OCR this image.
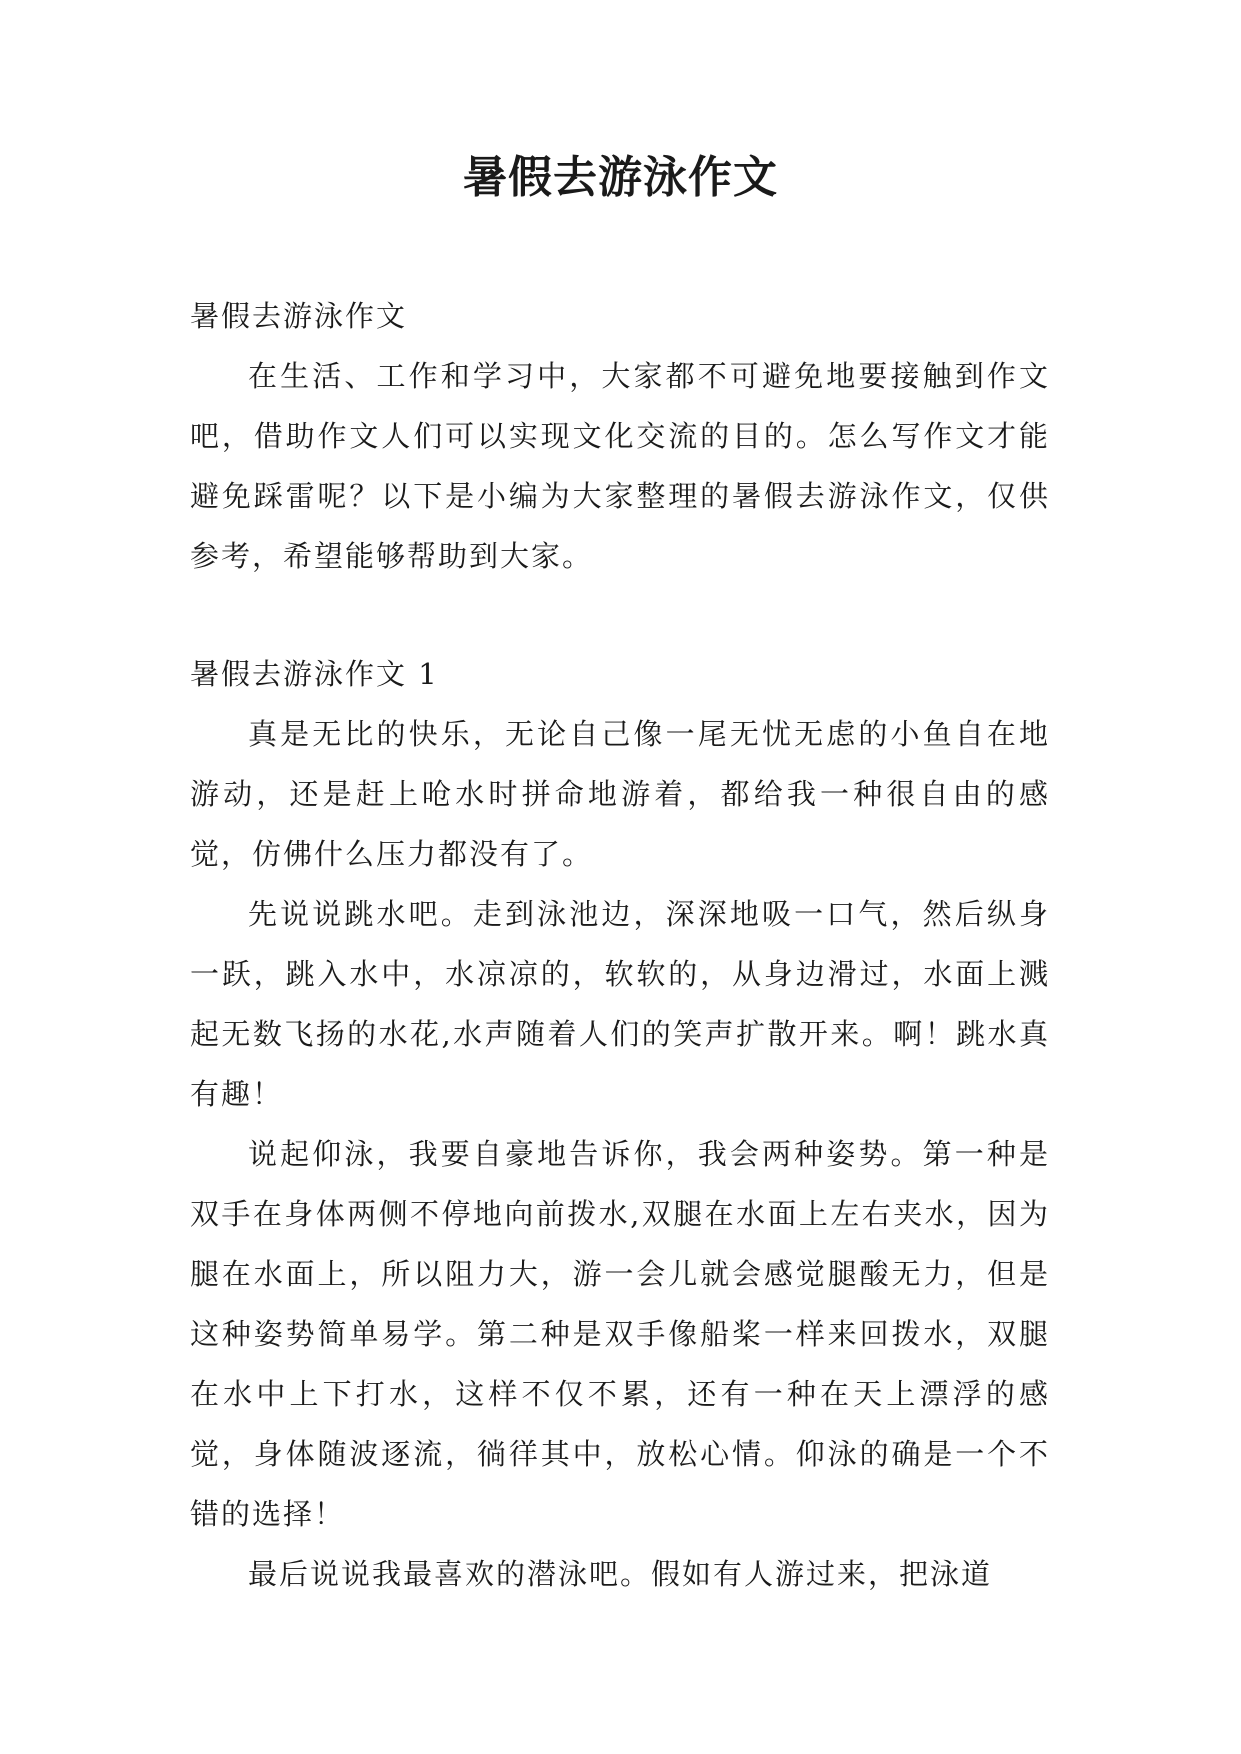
暑假去游泳作文

暑假去游泳作文

在生活、工作和学习中，大家都不可避免地要接触到作文吧，借助作文人们可以实现文化交流的目的。怎么写作文才能避免踩雷呢？以下是小编为大家整理的暑假去游泳作文，仅供参考，希望能够帮助到大家。

暑假去游泳作文 1

真是无比的快乐，无论自己像一尾无忧无虑的小鱼自在地游动，还是赶上呛水时拼命地游着，都给我一种很自由的感觉，仿佛什么压力都没有了。

先说说跳水吧。走到泳池边，深深地吸一口气，然后纵身一跃，跳入水中，水凉凉的，软软的，从身边滑过，水面上溅起无数飞扬的水花,水声随着人们的笑声扩散开来。啊！跳水真有趣！

说起仰泳，我要自豪地告诉你，我会两种姿势。第一种是双手在身体两侧不停地向前拨水,双腿在水面上左右夹水，因为腿在水面上，所以阻力大，游一会儿就会感觉腿酸无力，但是这种姿势简单易学。第二种是双手像船桨一样来回拨水，双腿在水中上下打水，这样不仅不累，还有一种在天上漂浮的感觉，身体随波逐流，徜徉其中，放松心情。仰泳的确是一个不错的选择！

最后说说我最喜欢的潜泳吧。假如有人游过来，把泳道
